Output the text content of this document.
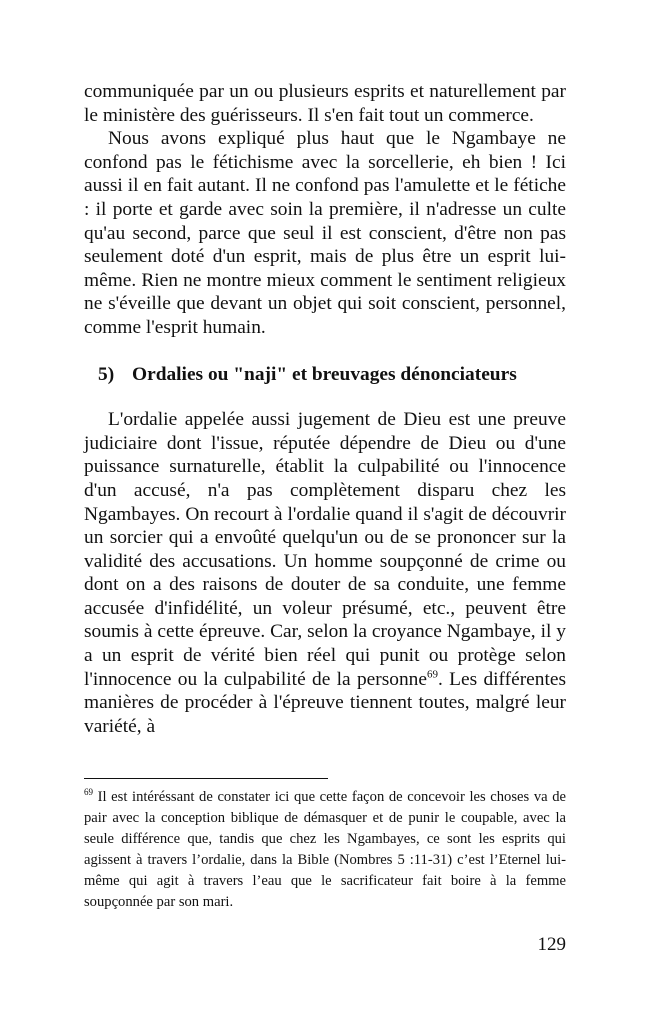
communiquée par un ou plusieurs esprits et naturellement par le ministère des guérisseurs. Il s'en fait tout un commerce.

Nous avons expliqué plus haut que le Ngambaye ne confond pas le fétichisme avec la sorcellerie, eh bien ! Ici aussi il en fait autant. Il ne confond pas l'amulette et le fétiche : il porte et garde avec soin la première, il n'adresse un culte qu'au second, parce que seul il est conscient, d'être non pas seulement doté d'un esprit, mais de plus être un esprit lui-même. Rien ne montre mieux comment le sentiment religieux ne s'éveille que devant un objet qui soit conscient, personnel, comme l'esprit humain.

5) Ordalies ou "naji" et breuvages dénonciateurs

L'ordalie appelée aussi jugement de Dieu est une preuve judiciaire dont l'issue, réputée dépendre de Dieu ou d'une puissance surnaturelle, établit la culpabilité ou l'innocence d'un accusé, n'a pas complètement disparu chez les Ngambayes. On recourt à l'ordalie quand il s'agit de découvrir un sorcier qui a envoûté quelqu'un ou de se prononcer sur la validité des accusations. Un homme soupçonné de crime ou dont on a des raisons de douter de sa conduite, une femme accusée d'infidélité, un voleur présumé, etc., peuvent être soumis à cette épreuve. Car, selon la croyance Ngambaye, il y a un esprit de vérité bien réel qui punit ou protège selon l'innocence ou la culpabilité de la personne$^{69}$. Les différentes manières de procéder à l'épreuve tiennent toutes, malgré leur variété, à

$^{69}$ Il est intéréssant de constater ici que cette façon de concevoir les choses va de pair avec la conception biblique de démasquer et de punir le coupable, avec la seule différence que, tandis que chez les Ngambayes, ce sont les esprits qui agissent à travers l’ordalie, dans la Bible (Nombres 5 :11-31) c’est l’Eternel lui-même qui agit à travers l’eau que le sacrificateur fait boire à la femme soupçonnée par son mari.

129
